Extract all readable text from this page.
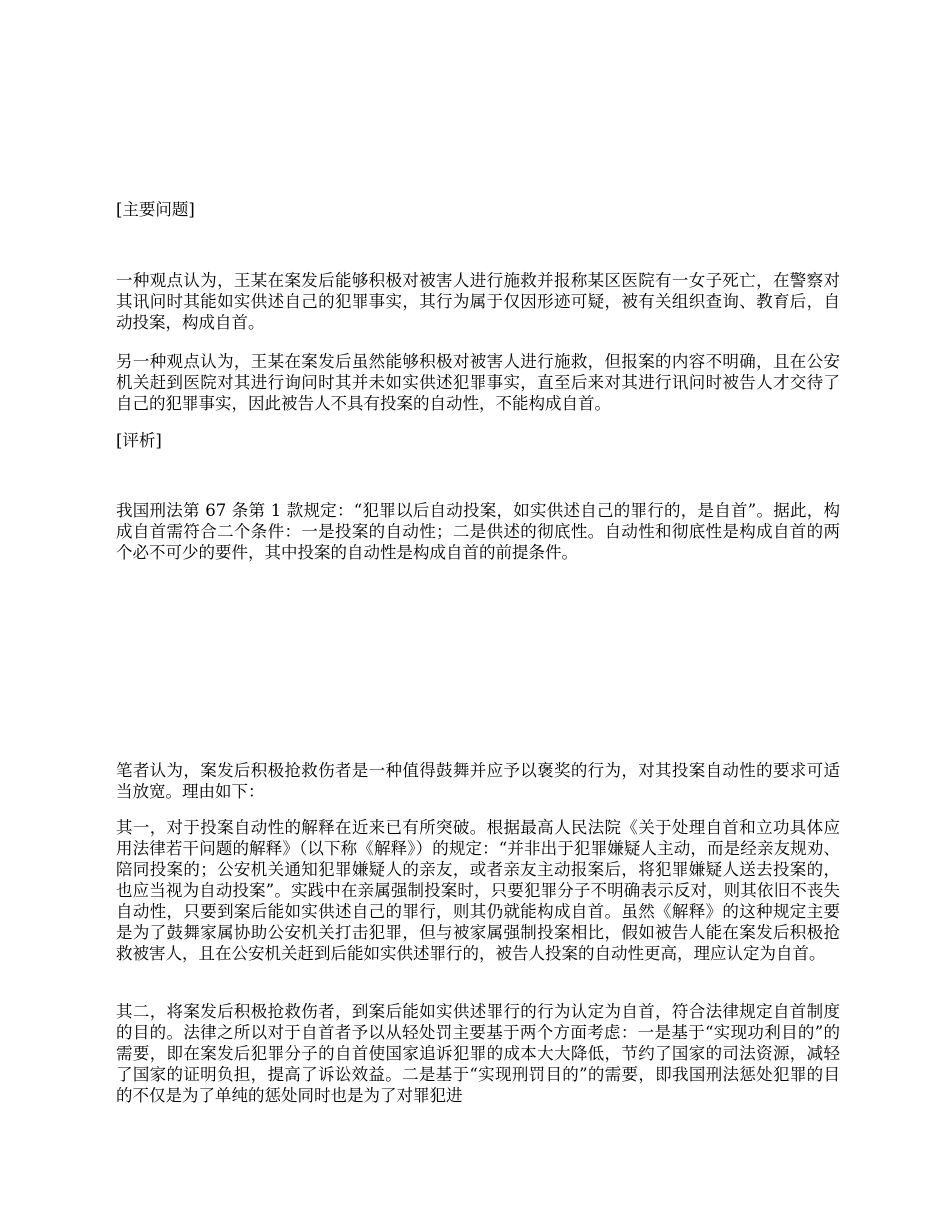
[主要问题]

一种观点认为，王某在案发后能够积极对被害人进行施救并报称某区医院有一女子死亡，在警察对其讯问时其能如实供述自己的犯罪事实，其行为属于仅因形迹可疑，被有关组织查询、教育后，自动投案，构成自首。

另一种观点认为，王某在案发后虽然能够积极对被害人进行施救，但报案的内容不明确，且在公安机关赶到医院对其进行询问时其并未如实供述犯罪事实，直至后来对其进行讯问时被告人才交待了自己的犯罪事实，因此被告人不具有投案的自动性，不能构成自首。

[评析]

我国刑法第 67 条第 1 款规定：“犯罪以后自动投案，如实供述自己的罪行的，是自首”。据此，构成自首需符合二个条件：一是投案的自动性；二是供述的彻底性。自动性和彻底性是构成自首的两个必不可少的要件，其中投案的自动性是构成自首的前提条件。

笔者认为，案发后积极抢救伤者是一种值得鼓舞并应予以褒奖的行为，对其投案自动性的要求可适当放宽。理由如下：

其一，对于投案自动性的解释在近来已有所突破。根据最高人民法院《关于处理自首和立功具体应用法律若干问题的解释》（以下称《解释》）的规定：“并非出于犯罪嫌疑人主动，而是经亲友规劝、陪同投案的；公安机关通知犯罪嫌疑人的亲友，或者亲友主动报案后，将犯罪嫌疑人送去投案的，也应当视为自动投案”。实践中在亲属强制投案时，只要犯罪分子不明确表示反对，则其依旧不丧失自动性，只要到案后能如实供述自己的罪行，则其仍就能构成自首。虽然《解释》的这种规定主要是为了鼓舞家属协助公安机关打击犯罪，但与被家属强制投案相比，假如被告人能在案发后积极抢救被害人，且在公安机关赶到后能如实供述罪行的，被告人投案的自动性更高，理应认定为自首。

其二，将案发后积极抢救伤者，到案后能如实供述罪行的行为认定为自首，符合法律规定自首制度的目的。法律之所以对于自首者予以从轻处罚主要基于两个方面考虑：一是基于“实现功利目的”的需要，即在案发后犯罪分子的自首使国家追诉犯罪的成本大大降低，节约了国家的司法资源，减轻了国家的证明负担，提高了诉讼效益。二是基于“实现刑罚目的”的需要，即我国刑法惩处犯罪的目的不仅是为了单纯的惩处同时也是为了对罪犯进
